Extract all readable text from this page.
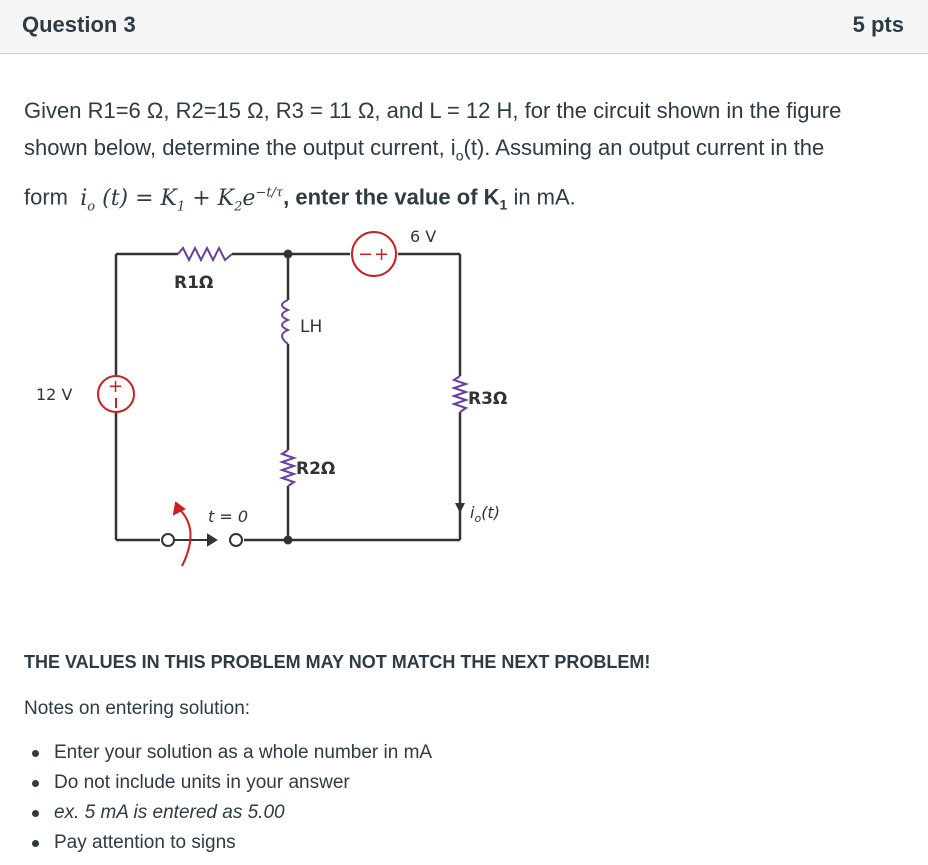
Question 3	5 pts
Given R1=6 Ω, R2=15 Ω, R3 = 11 Ω, and L = 12 H, for the circuit shown in the figure
shown below, determine the output current, $i_o(t)$. Assuming an output current in the
form $i_o$ $(t) = K_1 + K_2e^{-t/\tau}$, enter the value of $K_1$ in mA.
R1Ω
LH
R2Ω
R3Ω
+
12 V
− +
6 V
t = 0	$i_o(t)$
THE VALUES IN THIS PROBLEM MAY NOT MATCH THE NEXT PROBLEM!
Notes on entering solution:
Enter your solution as a whole number in mA
Do not include units in your answer
ex. 5 mA is entered as 5.00
Pay attention to signs
